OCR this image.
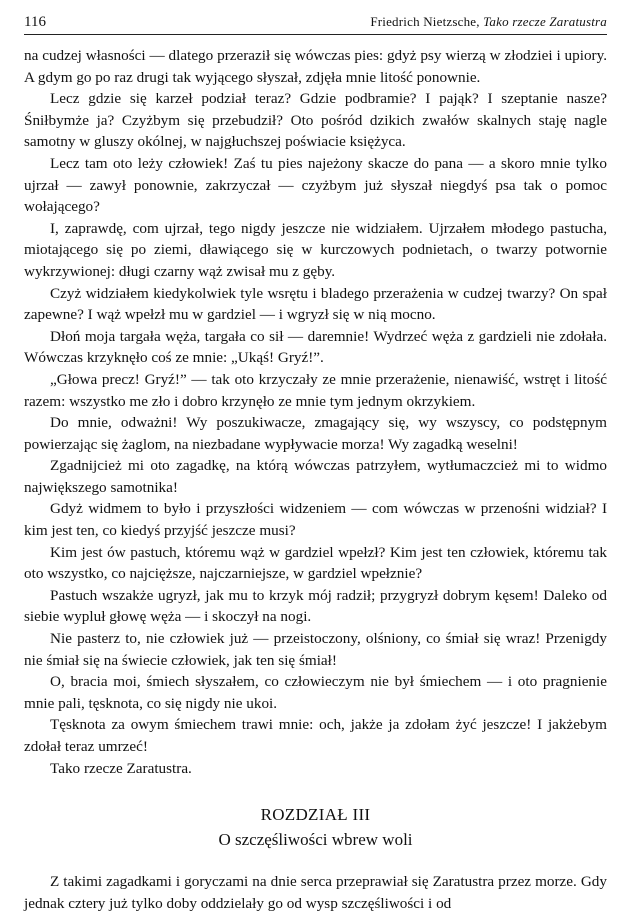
116	Friedrich Nietzsche, Tako rzecze Zaratustra

na cudzej własności — dlatego przeraził się wówczas pies: gdyż psy wierzą w złodziei i upiory. A gdym go po raz drugi tak wyjącego słyszał, zdjęła mnie litość ponownie.

Lecz gdzie się karzeł podział teraz? Gdzie podbramie? I pająk? I szeptanie nasze? Śniłbymże ja? Czyżbym się przebudził? Oto pośród dzikich zwałów skalnych staję nagle samotny w gluszy okólnej, w najgłuchszej poświacie księżyca.

Lecz tam oto leży człowiek! Zaś tu pies najeżony skacze do pana — a skoro mnie tylko ujrzał — zawył ponownie, zakrzyczał — czyżbym już słyszał niegdyś psa tak o pomoc wołającego?

I, zaprawdę, com ujrzał, tego nigdy jeszcze nie widziałem. Ujrzałem młodego pastucha, miotającego się po ziemi, dławiącego się w kurczowych podnietach, o twarzy potwornie wykrzywionej: długi czarny wąż zwisał mu z gęby.

Czyż widziałem kiedykolwiek tyle wsrętu i bladego przerażenia w cudzej twarzy? On spał zapewne? I wąż wpełzł mu w gardziel — i wgryzł się w nią mocno.

Dłoń moja targała węża, targała co sił — daremnie! Wydrzeć węża z gardzieli nie zdołała. Wówczas krzyknęło coś ze mnie: „Ukąś! Gryź!”.

„Głowa precz! Gryź!” — tak oto krzyczały ze mnie przerażenie, nienawiść, wstręt i litość razem: wszystko me zło i dobro krzynęło ze mnie tym jednym okrzykiem.

Do mnie, odważni! Wy poszukiwacze, zmagający się, wy wszyscy, co podstępnym powierzając się żaglom, na niezbadane wypływacie morza! Wy zagadką weselni!

Zgadnijcież mi oto zagadkę, na którą wówczas patrzyłem, wytłumaczcież mi to widmo największego samotnika!

Gdyż widmem to było i przyszłości widzeniem — com wówczas w przenośni widział? I kim jest ten, co kiedyś przyjść jeszcze musi?

Kim jest ów pastuch, któremu wąż w gardziel wpełzł? Kim jest ten człowiek, któremu tak oto wszystko, co najcięższe, najczarniejsze, w gardziel wpełznie?

Pastuch wszakże ugryzł, jak mu to krzyk mój radził; przygryzł dobrym kęsem! Daleko od siebie wypluł głowę węża — i skoczył na nogi.

Nie pasterz to, nie człowiek już — przeistoczony, olśniony, co śmiał się wraz! Przenigdy nie śmiał się na świecie człowiek, jak ten się śmiał!

O, bracia moi, śmiech słyszałem, co człowieczym nie był śmiechem — i oto pragnienie mnie pali, tęsknota, co się nigdy nie ukoi.

Tęsknota za owym śmiechem trawi mnie: och, jakże ja zdołam żyć jeszcze! I jakżebym zdołał teraz umrzeć!

Tako rzecze Zaratustra.

ROZDZIAŁ III
O szczęśliwości wbrew woli

Z takimi zagadkami i goryczami na dnie serca przeprawiał się Zaratustra przez morze. Gdy jednak cztery już tylko doby oddzielały go od wysp szczęśliwości i od
